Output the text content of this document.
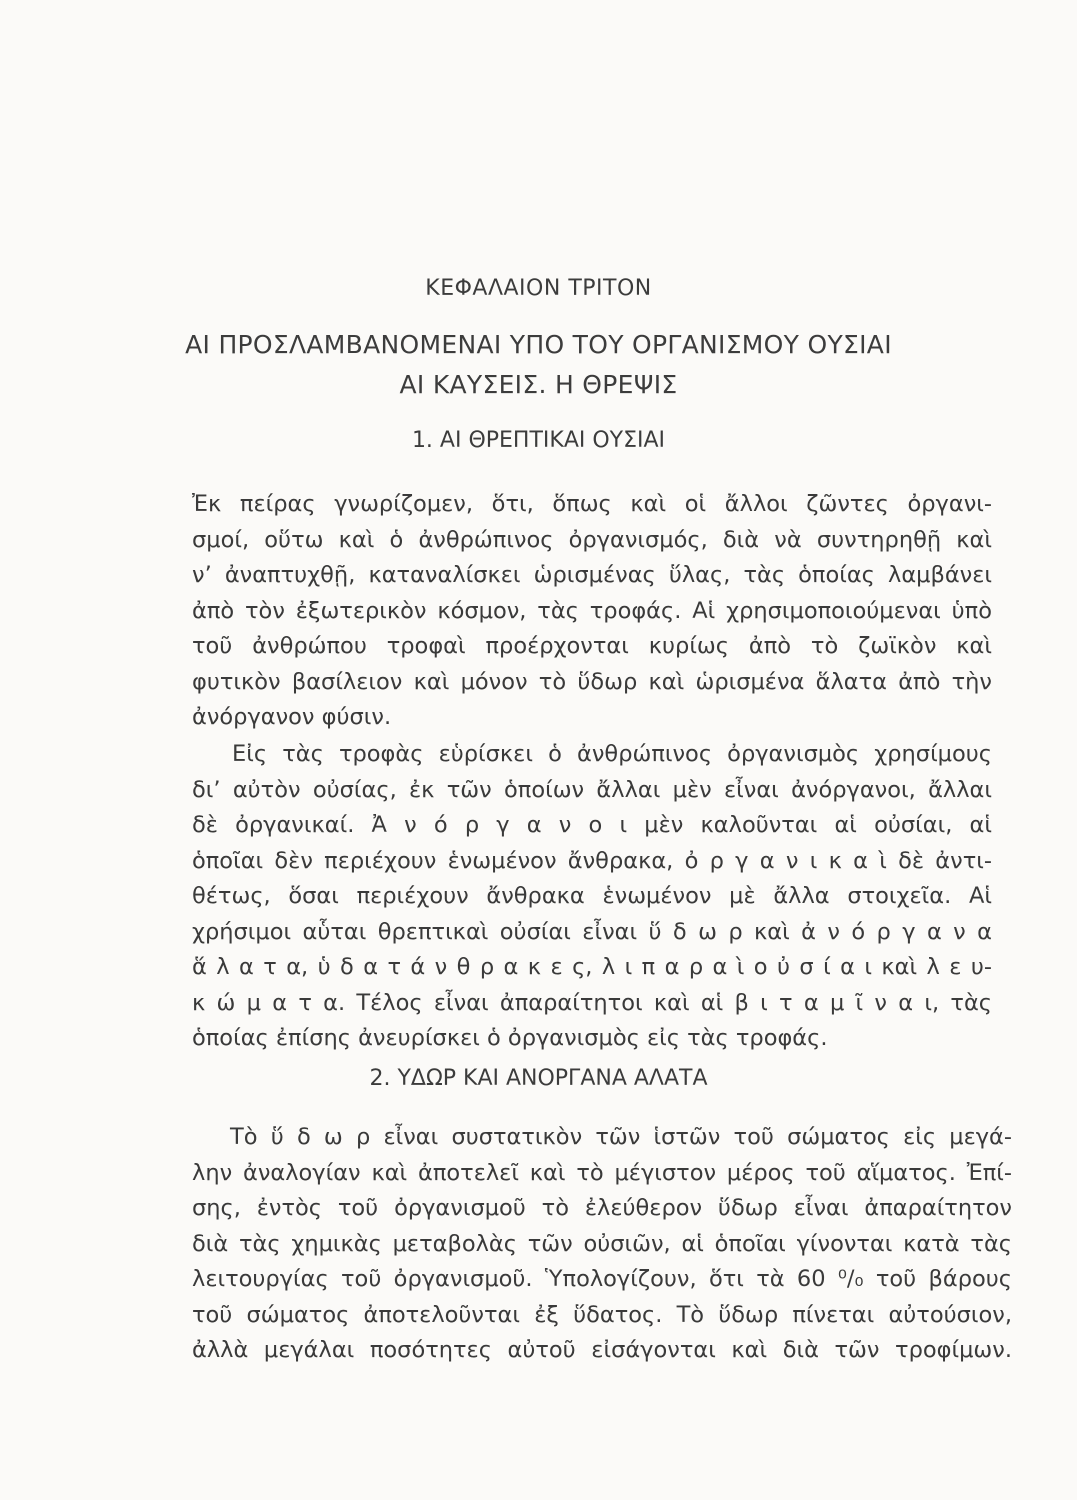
ΚΕΦΑΛΑΙΟΝ ΤΡΙΤΟΝ
ΑΙ ΠΡΟΣΛΑΜΒΑΝΟΜΕΝΑΙ ΥΠΟ ΤΟΥ ΟΡΓΑΝΙΣΜΟΥ ΟΥΣΙΑΙ
ΑΙ ΚΑΥΣΕΙΣ. Η ΘΡΕΨΙΣ
1. ΑΙ ΘΡΕΠΤΙΚΑΙ ΟΥΣΙΑΙ
Ἐκ πείρας γνωρίζομεν, ὅτι, ὅπως καὶ οἱ ἄλλοι ζῶντες ὀργανι-
σμοί, οὕτω καὶ ὁ ἀνθρώπινος ὀργανισμός, διὰ νὰ συντηρηθῇ καὶ
ν’ ἀναπτυχθῇ, καταναλίσκει ὡρισμένας ὕλας, τὰς ὁποίας λαμβάνει
ἀπὸ τὸν ἐξωτερικὸν κόσμον, τὰς τροφάς. Αἱ χρησιμοποιούμεναι ὑπὸ
τοῦ ἀνθρώπου τροφαὶ προέρχονται κυρίως ἀπὸ τὸ ζωϊκὸν καὶ
φυτικὸν βασίλειον καὶ μόνον τὸ ὕδωρ καὶ ὡρισμένα ἅλατα ἀπὸ τὴν
ἀνόργανον φύσιν.
Εἰς τὰς τροφὰς εὑρίσκει ὁ ἀνθρώπινος ὀργανισμὸς χρησίμους
δι’ αὐτὸν οὐσίας, ἐκ τῶν ὁποίων ἄλλαι μὲν εἶναι ἀνόργανοι, ἄλλαι
δὲ ὀργανικαί. Ἀ ν ό ρ γ α ν ο ι μὲν καλοῦνται αἱ οὐσίαι, αἱ
ὁποῖαι δὲν περιέχουν ἑνωμένον ἄνθρακα, ὀ ρ γ α ν ι κ α ὶ δὲ ἀντι-
θέτως, ὅσαι περιέχουν ἄνθρακα ἑνωμένον μὲ ἄλλα στοιχεῖα. Αἱ
χρήσιμοι αὗται θρεπτικαὶ οὐσίαι εἶναι ὕ δ ω ρ καὶ ἀ ν ό ρ γ α ν α
ἅ λ α τ α, ὑ δ α τ ά ν θ ρ α κ ε ς, λ ι π α ρ α ὶ ο ὐ σ ί α ι καὶ λ ε υ-
κ ώ μ α τ α. Τέλος εἶναι ἀπαραίτητοι καὶ αἱ β ι τ α μ ῖ ν α ι, τὰς
ὁποίας ἐπίσης ἀνευρίσκει ὁ ὀργανισμὸς εἰς τὰς τροφάς.
2. ΥΔΩΡ ΚΑΙ ΑΝΟΡΓΑΝΑ ΑΛΑΤΑ
Τὸ ὕ δ ω ρ εἶναι συστατικὸν τῶν ἱστῶν τοῦ σώματος εἰς μεγά-
λην ἀναλογίαν καὶ ἀποτελεῖ καὶ τὸ μέγιστον μέρος τοῦ αἵματος. Ἐπί-
σης, ἐντὸς τοῦ ὀργανισμοῦ τὸ ἐλεύθερον ὕδωρ εἶναι ἀπαραίτητον
διὰ τὰς χημικὰς μεταβολὰς τῶν οὐσιῶν, αἱ ὁποῖαι γίνονται κατὰ τὰς
λειτουργίας τοῦ ὀργανισμοῦ. Ὑπολογίζουν, ὅτι τὰ 60 ⁰/₀ τοῦ βάρους
τοῦ σώματος ἀποτελοῦνται ἐξ ὕδατος. Τὸ ὕδωρ πίνεται αὐτούσιον,
ἀλλὰ μεγάλαι ποσότητες αὐτοῦ εἰσάγονται καὶ διὰ τῶν τροφίμων.
